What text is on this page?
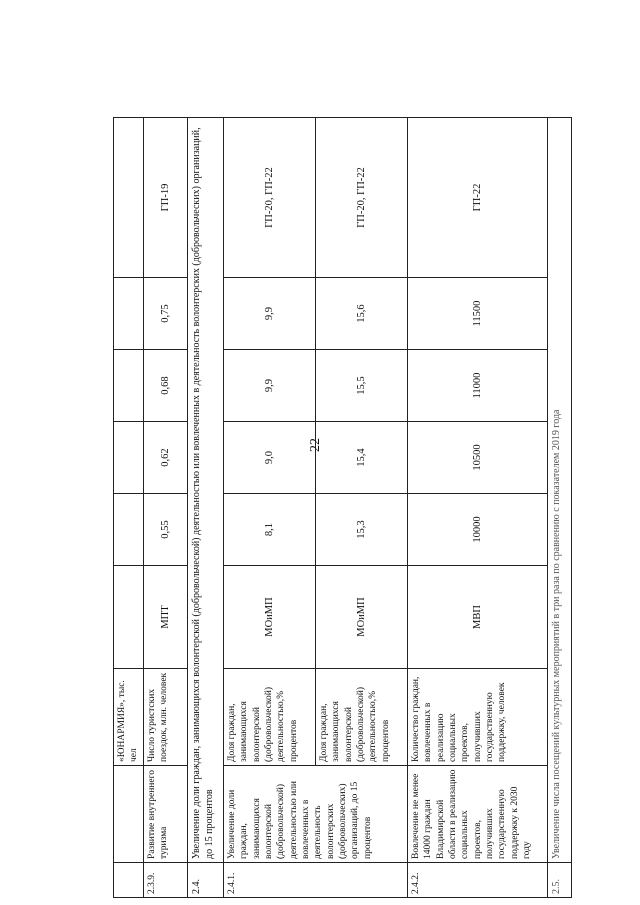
22
		«ЮНАРМИЯ», тыс. чел						
2.3.9.	Развитие внутреннего туризма	Число туристских поездок, млн. человек	МПТ	0,55	0,62	0,68	0,75	ГП-19
2.4.	Увеличение доли граждан, занимающихся волонтерской (добровольческой) деятельностью или вовлеченных в деятельность волонтерских (добровольческих) организаций, до 15 процентов							
2.4.1.	Увеличение доли граждан, занимающихся волонтерской (добровольческой) деятельностью или вовлеченных в деятельность волонтерских (добровольческих) организаций, до 15 процентов	Доля граждан, занимающихся волонтерской (добровольческой) деятельностью,% процентов	МОиМП	8,1	9,0	9,9	9,9	ГП-20, ГП-22
		Доля граждан, занимающихся волонтерской (добровольческой) деятельностью,% процентов	МОиМП	15,3	15,4	15,5	15,6	ГП-20, ГП-22
2.4.2.	Вовлечение не менее 14000 граждан Владимирской области в реализацию социальных проектов, получивших государственную поддержку к 2030 году	Количество граждан, вовлеченных в реализацию социальных проектов, получивших государственную поддержку, человек	МВП	10000	10500	11000	11500	ГП-22
2.5.	Увеличение числа посещений культурных мероприятий в три раза по сравнению с показателем 2019 года							
